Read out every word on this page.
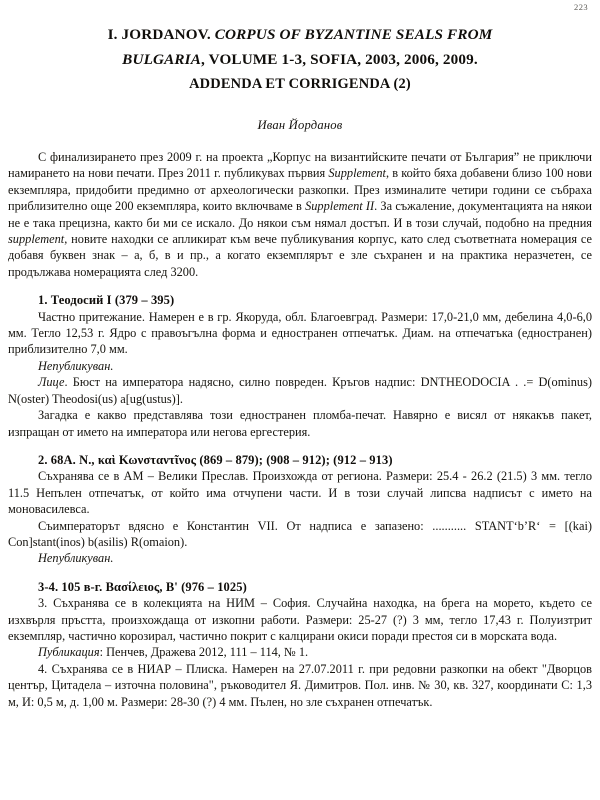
223
I. JORDANOV. CORPUS OF BYZANTINE SEALS FROM
BULGARIA, VOLUME 1-3, SOFIA, 2003, 2006, 2009.
ADDENDA ET CORRIGENDA (2)
Иван Йорданов

С финализирането през 2009 г. на проекта „Корпус на византийските печати от България” не приключи намирането на нови печати. През 2011 г. публикувах първия Supplement, в който бяха добавени близо 100 нови екземпляра, придобити предимно от археологически разкопки. През изминалите четири години се събраха приблизително още 200 екземпляра, които включваме в Supplement II. За съжаление, документацията на някои не е така прецизна, както би ми се искало. До някои съм нямал достъп. И в този случай, подобно на предния supplement, новите находки се апликират към вече публикувания корпус, като след съответната номерация се добавя буквен знак – а, б, в и пр., а когато екземплярът е зле съхранен и на практика неразчетен, се продължава номерацията след 3200.

1. Теодосий I (379 – 395)

Частно притежание. Намерен е в гр. Якоруда, обл. Благоевград. Размери: 17,0-21,0 мм, дебелина 4,0-6,0 мм. Тегло 12,53 г. Ядро с правоъгълна форма и едностранен отпечатък. Диам. на отпечатъка (едностранен) приблизително 7,0 мм.

Непубликуван.

Лице. Бюст на императора надясно, силно повреден. Кръгов надпис: DNTHEODOCIA . .= D(ominus) N(oster) Theodosi(us) a[ug(ustus)].

Загадка е какво представлява този едностранен пломба-печат. Навярно е висял от някакъв пакет, изпращан от името на императора или негова ергестерия.

2. 68A. N., καὶ Κωνσταντῖνος (869 – 879); (908 – 912); (912 – 913)

Съхранява се в АМ – Велики Преслав. Произхожда от региона. Размери: 25.4 - 26.2 (21.5) 3 мм. тегло 11.5 Непълен отпечатък, от който има отчупени части. И в този случай липсва надписът с името на моновасилевса.

Съимператорът вдясно е Константин VII. От надписа е запазено: ........... STANT‘b’R‘ = [(kai) Con]stant(inos) b(asilis) R(omaion).

Непубликуван.

3-4. 105 в-г. Βασίλειος, B' (976 – 1025)

3. Съхранява се в колекцията на НИМ – София. Случайна находка, на брега на морето, където се изхвърля пръстта, произхождаща от изкопни работи. Размери: 25-27 (?) 3 мм, тегло 17,43 г. Полуизтрит екземпляр, частично корозирал, частично покрит с калцирани окиси поради престоя си в морската вода.

Публикация: Пенчев, Дражева 2012, 111 – 114, № 1.

4. Съхранява се в НИАР – Плиска. Намерен на 27.07.2011 г. при редовни разкопки на обект "Дворцов център, Цитадела – източна половина", ръководител Я. Димитров. Пол. инв. № 30, кв. 327, координати С: 1,3 м, И: 0,5 м, д. 1,00 м. Размери: 28-30 (?) 4 мм. Пълен, но зле съхранен отпечатък.
